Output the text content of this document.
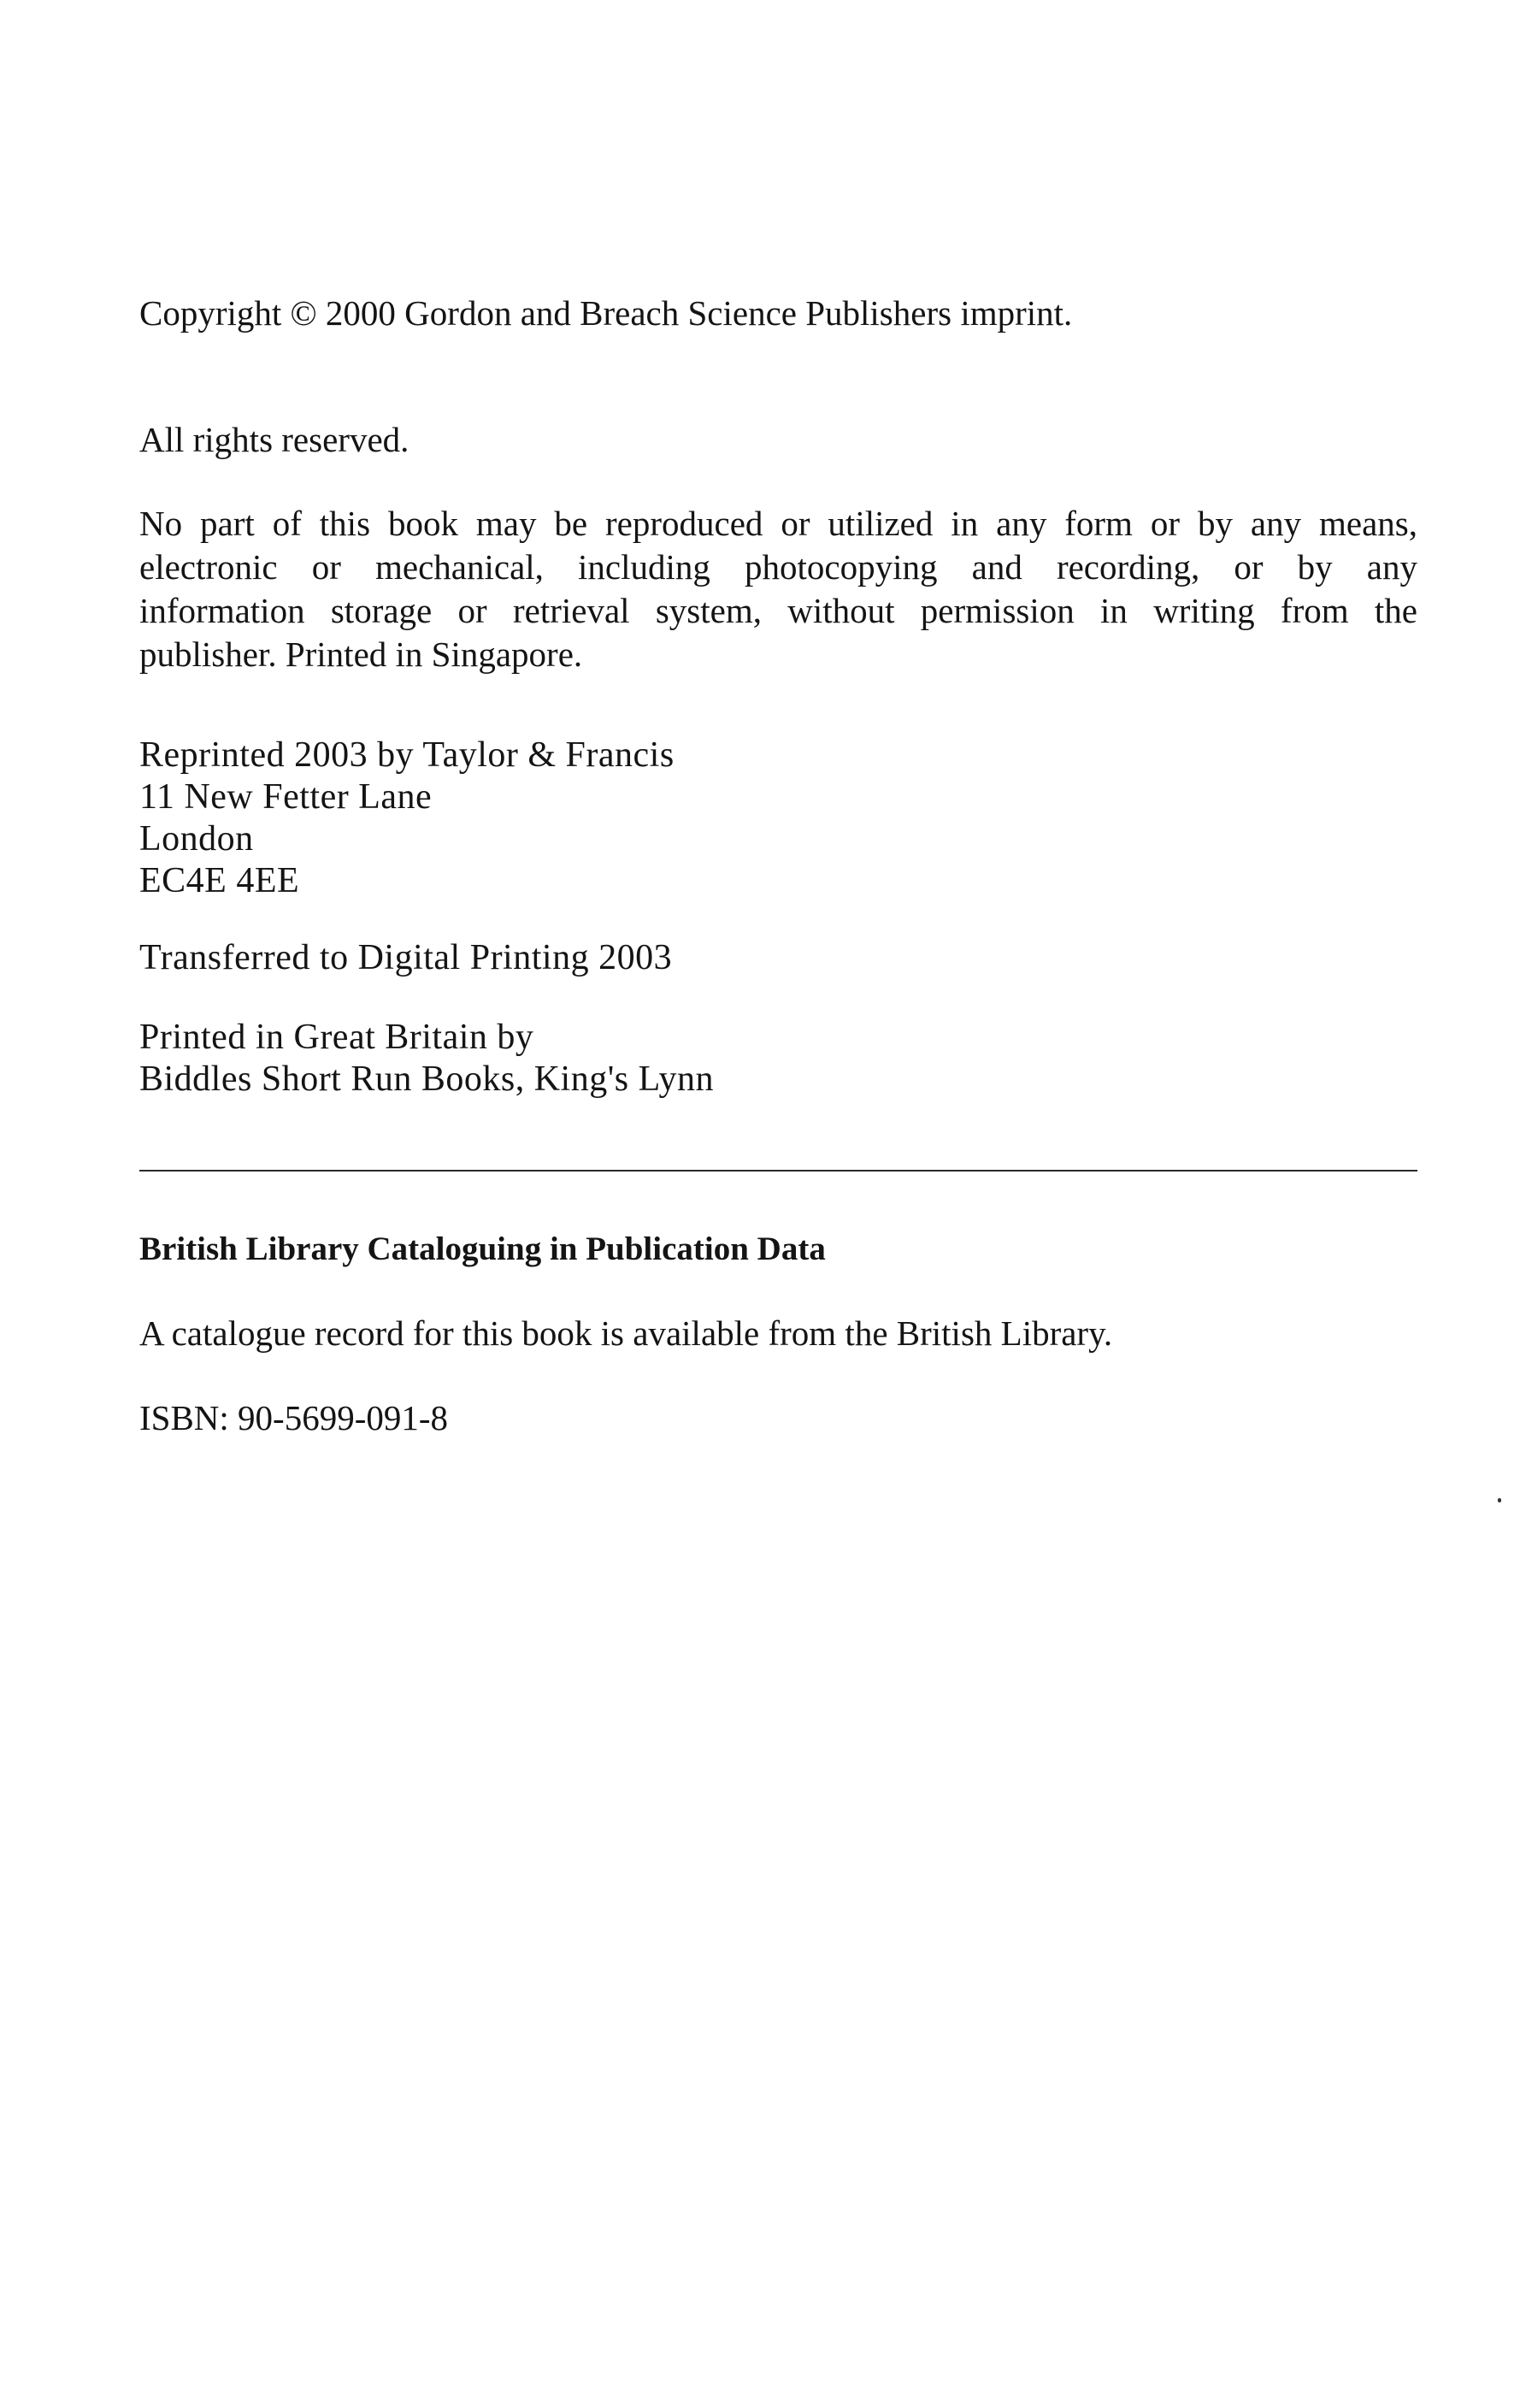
Copyright © 2000 Gordon and Breach Science Publishers imprint.
All rights reserved.
No part of this book may be reproduced or utilized in any form or by any means,
electronic or mechanical, including photocopying and recording, or by any
information storage or retrieval system, without permission in writing from the
publisher. Printed in Singapore.
Reprinted 2003 by Taylor & Francis
11 New Fetter Lane
London
EC4E 4EE
Transferred to Digital Printing 2003
Printed in Great Britain by
Biddles Short Run Books, King's Lynn
British Library Cataloguing in Publication Data
A catalogue record for this book is available from the British Library.
ISBN: 90-5699-091-8
